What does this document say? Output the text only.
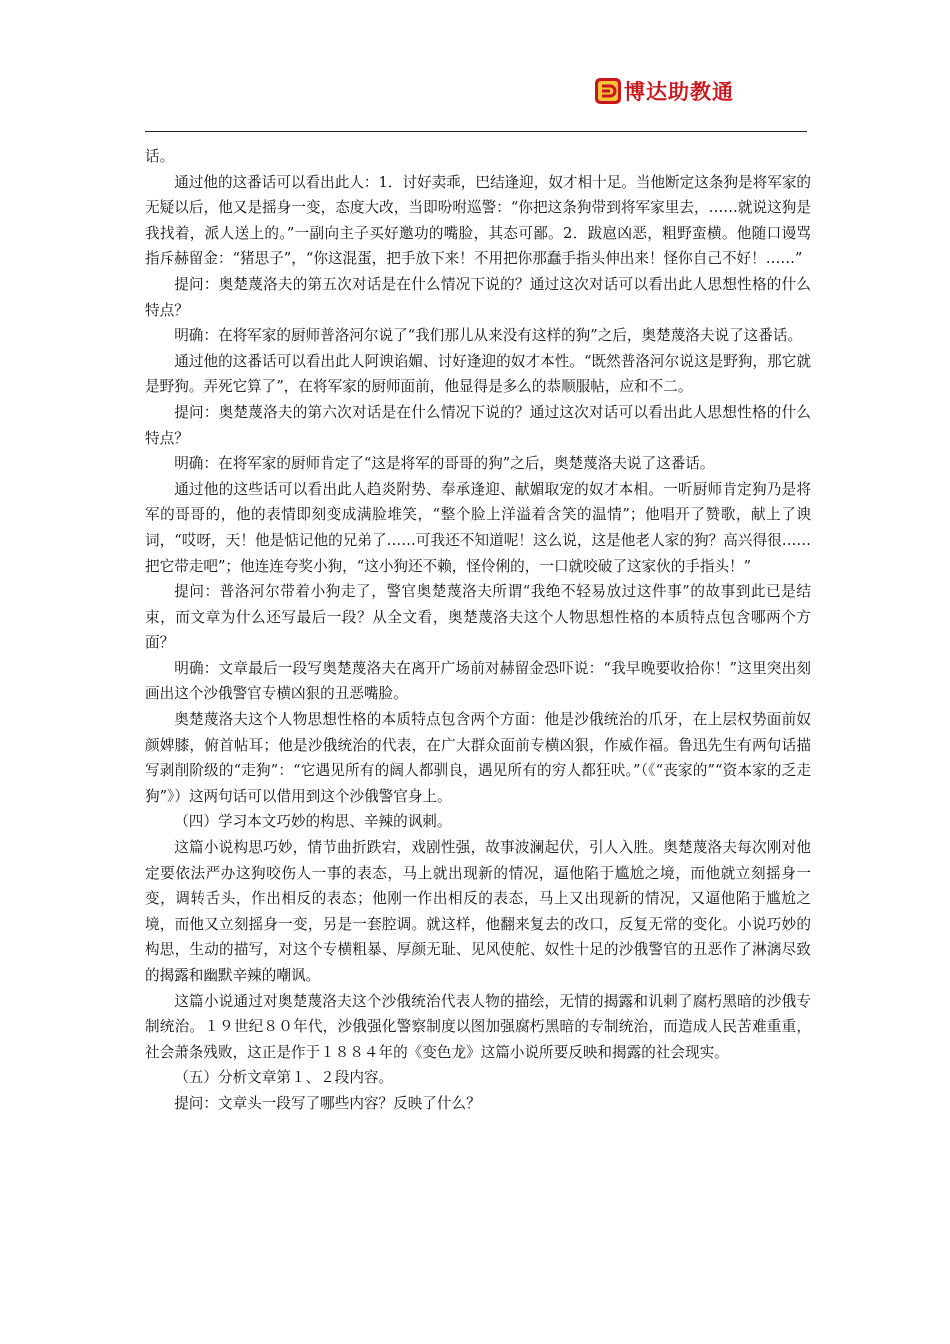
博达助教通

话。

通过他的这番话可以看出此人：1．讨好卖乖，巴结逢迎，奴才相十足。当他断定这条狗是将军家的无疑以后，他又是摇身一变，态度大改，当即吩咐巡警：“你把这条狗带到将军家里去，……就说这狗是我找着，派人送上的。”一副向主子买好邀功的嘴脸，其态可鄙。2．跋扈凶恶，粗野蛮横。他随口谩骂指斥赫留金：“猪思子”，“你这混蛋，把手放下来！不用把你那蠢手指头伸出来！怪你自己不好！……”

提问：奥楚蔑洛夫的第五次对话是在什么情况下说的？通过这次对话可以看出此人思想性格的什么特点？

明确：在将军家的厨师普洛河尔说了“我们那儿从来没有这样的狗”之后，奥楚蔑洛夫说了这番话。

通过他的这番话可以看出此人阿谀谄媚、讨好逢迎的奴才本性。“既然普洛河尔说这是野狗，那它就是野狗。弄死它算了”，在将军家的厨师面前，他显得是多么的恭顺服帖，应和不二。

提问：奥楚蔑洛夫的第六次对话是在什么情况下说的？通过这次对话可以看出此人思想性格的什么特点？

明确：在将军家的厨师肯定了“这是将军的哥哥的狗”之后，奥楚蔑洛夫说了这番话。

通过他的这些话可以看出此人趋炎附势、奉承逢迎、献媚取宠的奴才本相。一听厨师肯定狗乃是将军的哥哥的，他的表情即刻变成满脸堆笑，“整个脸上洋溢着含笑的温情”；他唱开了赞歌，献上了谀词，“哎呀，天！他是惦记他的兄弟了……可我还不知道呢！这么说，这是他老人家的狗？高兴得很……把它带走吧”；他连连夸奖小狗，“这小狗还不赖，怪伶俐的，一口就咬破了这家伙的手指头！”

提问：普洛河尔带着小狗走了，警官奥楚蔑洛夫所谓“我绝不轻易放过这件事”的故事到此已是结束，而文章为什么还写最后一段？从全文看，奥楚蔑洛夫这个人物思想性格的本质特点包含哪两个方面？

明确：文章最后一段写奥楚蔑洛夫在离开广场前对赫留金恐吓说：“我早晚要收拾你！”这里突出刻画出这个沙俄警官专横凶狠的丑恶嘴脸。

奥楚蔑洛夫这个人物思想性格的本质特点包含两个方面：他是沙俄统治的爪牙，在上层权势面前奴颜婢膝，俯首帖耳；他是沙俄统治的代表，在广大群众面前专横凶狠，作威作福。鲁迅先生有两句话描写剥削阶级的“走狗”：“它遇见所有的阔人都驯良，遇见所有的穷人都狂吠。”（《“丧家的”“资本家的乏走狗”》）这两句话可以借用到这个沙俄警官身上。

（四）学习本文巧妙的构思、辛辣的讽刺。

这篇小说构思巧妙，情节曲折跌宕，戏剧性强，故事波澜起伏，引人入胜。奥楚蔑洛夫每次刚对他定要依法严办这狗咬伤人一事的表态，马上就出现新的情况，逼他陷于尴尬之境，而他就立刻摇身一变，调转舌头，作出相反的表态；他刚一作出相反的表态，马上又出现新的情况，又逼他陷于尴尬之境，而他又立刻摇身一变，另是一套腔调。就这样，他翻来复去的改口，反复无常的变化。小说巧妙的构思，生动的描写，对这个专横粗暴、厚颜无耻、见风使舵、奴性十足的沙俄警官的丑恶作了淋漓尽致的揭露和幽默辛辣的嘲讽。

这篇小说通过对奥楚蔑洛夫这个沙俄统治代表人物的描绘，无情的揭露和讥刺了腐朽黑暗的沙俄专制统治。１９世纪８０年代，沙俄强化警察制度以图加强腐朽黑暗的专制统治，而造成人民苦难重重，社会萧条残败，这正是作于１８８４年的《变色龙》这篇小说所要反映和揭露的社会现实。

（五）分析文章第１、２段内容。

提问：文章头一段写了哪些内容？反映了什么？
